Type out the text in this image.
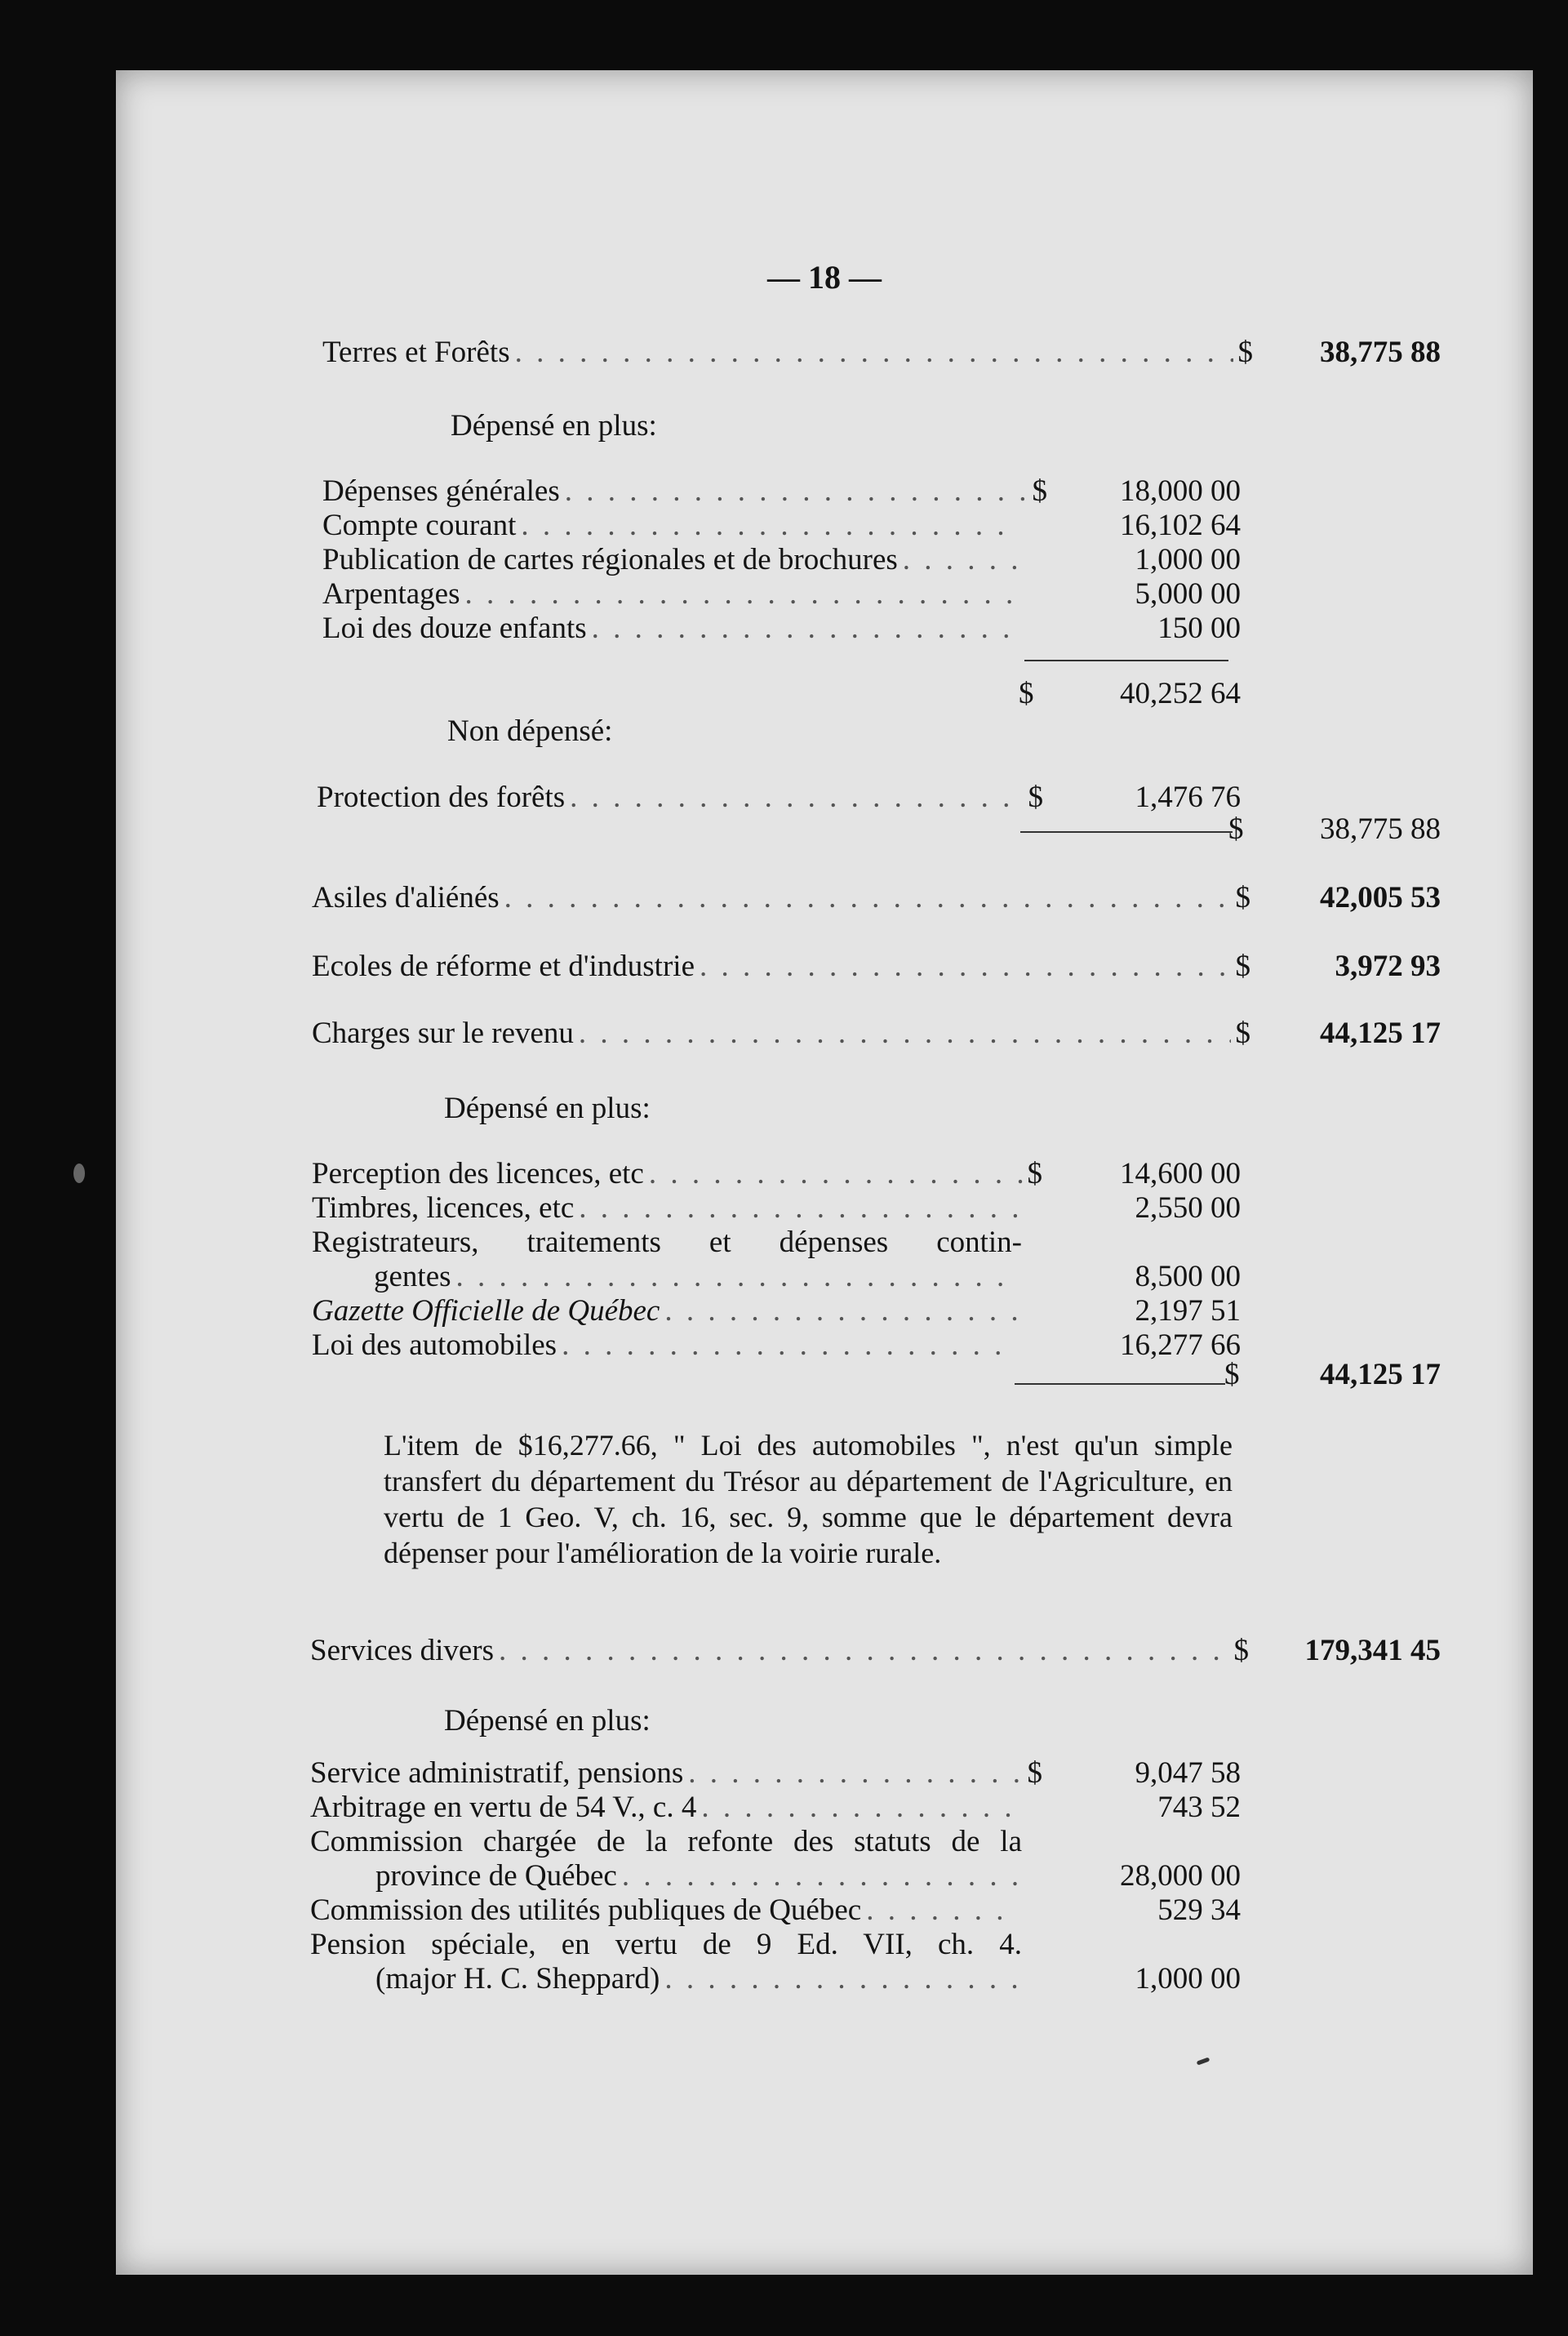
— 18 —
Terres et Forêts . . .	$	38,775 88
Dépensé en plus:
Dépenses générales . . .	$	18,000 00
Compte courant . . .	16,102 64
Publication de cartes régionales et de brochures . . .	1,000 00
Arpentages . . .	5,000 00
Loi des douze enfants . . .	150 00
$	40,252 64
Non dépensé:
Protection des forêts . . .	$	1,476 76
$	38,775 88
Asiles d'aliénés . . .	$	42,005 53
Ecoles de réforme et d'industrie . . .	$	3,972 93
Charges sur le revenu . . .	$	44,125 17
Dépensé en plus:
Perception des licences, etc . . .	$	14,600 00
Timbres, licences, etc . . .	2,550 00
Registrateurs, traitements et dépenses contin-
gentes . . .	8,500 00
Gazette Officielle de Québec . . .	2,197 51
Loi des automobiles . . .	16,277 66
$	44,125 17
L'item de $16,277.66, " Loi des automobiles ", n'est qu'un simple transfert du département du Trésor au département de l'Agriculture, en vertu de 1 Geo. V, ch. 16, sec. 9, somme que le département devra dépenser pour l'amélioration de la voirie rurale.
Services divers . . .	$	179,341 45
Dépensé en plus:
Service administratif, pensions . . .	$	9,047 58
Arbitrage en vertu de 54 V., c. 4 . . .	743 52
Commission chargée de la refonte des statuts de la
province de Québec . . .	28,000 00
Commission des utilités publiques de Québec . . .	529 34
Pension spéciale, en vertu de 9 Ed. VII, ch. 4.
(major H. C. Sheppard) . . .	1,000 00
